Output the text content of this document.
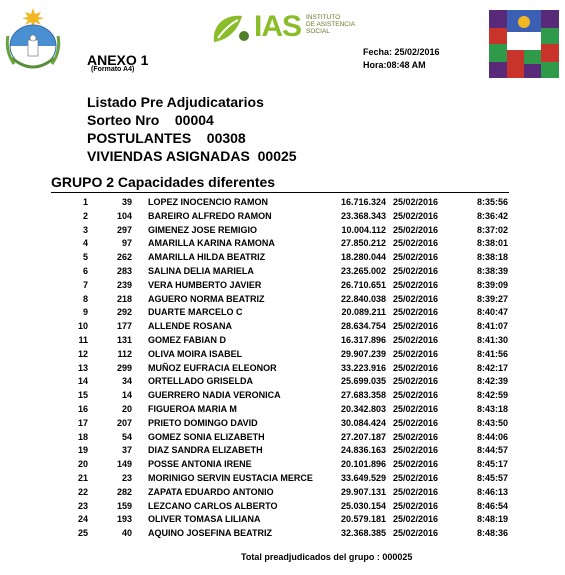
IAS INSTITUTO
DE ASISTENCIA
SOCIAL
ANEXO 1
(Formato A4)
Fecha: 25/02/2016
Hora:08:48 AM
Listado Pre Adjudicatarios
Sorteo Nro    00004
POSTULANTES    00308
VIVIENDAS ASIGNADAS  00025
GRUPO 2 Capacidades diferentes
1	39 LOPEZ INOCENCIO RAMON	16.716.324 25/02/2016	8:35:56
2	104 BAREIRO ALFREDO RAMON	23.368.343 25/02/2016	8:36:42
3	297 GIMENEZ JOSE REMIGIO	10.004.112 25/02/2016	8:37:02
4	97 AMARILLA KARINA RAMONA	27.850.212 25/02/2016	8:38:01
5	262 AMARILLA HILDA BEATRIZ	18.280.044 25/02/2016	8:38:18
6	283 SALINA DELIA MARIELA	23.265.002 25/02/2016	8:38:39
7	239 VERA HUMBERTO JAVIER	26.710.651 25/02/2016	8:39:09
8	218 AGUERO NORMA BEATRIZ	22.840.038 25/02/2016	8:39:27
9	292 DUARTE MARCELO C	20.089.211 25/02/2016	8:40:47
10	177 ALLENDE ROSANA	28.634.754 25/02/2016	8:41:07
11	131 GOMEZ FABIAN D	16.317.896 25/02/2016	8:41:30
12	112 OLIVA MOIRA ISABEL	29.907.239 25/02/2016	8:41:56
13	299 MUÑOZ EUFRACIA ELEONOR	33.223.916 25/02/2016	8:42:17
14	34 ORTELLADO GRISELDA	25.699.035 25/02/2016	8:42:39
15	14 GUERRERO NADIA VERONICA	27.683.358 25/02/2016	8:42:59
16	20 FIGUEROA MARIA M	20.342.803 25/02/2016	8:43:18
17	207 PRIETO DOMINGO DAVID	30.084.424 25/02/2016	8:43:50
18	54 GOMEZ SONIA ELIZABETH	27.207.187 25/02/2016	8:44:06
19	37 DIAZ SANDRA ELIZABETH	24.836.163 25/02/2016	8:44:57
20	149 POSSE ANTONIA IRENE	20.101.896 25/02/2016	8:45:17
21	23 MORINIGO SERVIN EUSTACIA MERCE	33.649.529 25/02/2016	8:45:57
22	282 ZAPATA EDUARDO ANTONIO	29.907.131 25/02/2016	8:46:13
23	159 LEZCANO CARLOS ALBERTO	25.030.154 25/02/2016	8:46:54
24	193 OLIVER TOMASA LILIANA	20.579.181 25/02/2016	8:48:19
25	40 AQUINO JOSEFINA BEATRIZ	32.368.385 25/02/2016	8:48:36
Total preadjudicados del grupo : 000025
